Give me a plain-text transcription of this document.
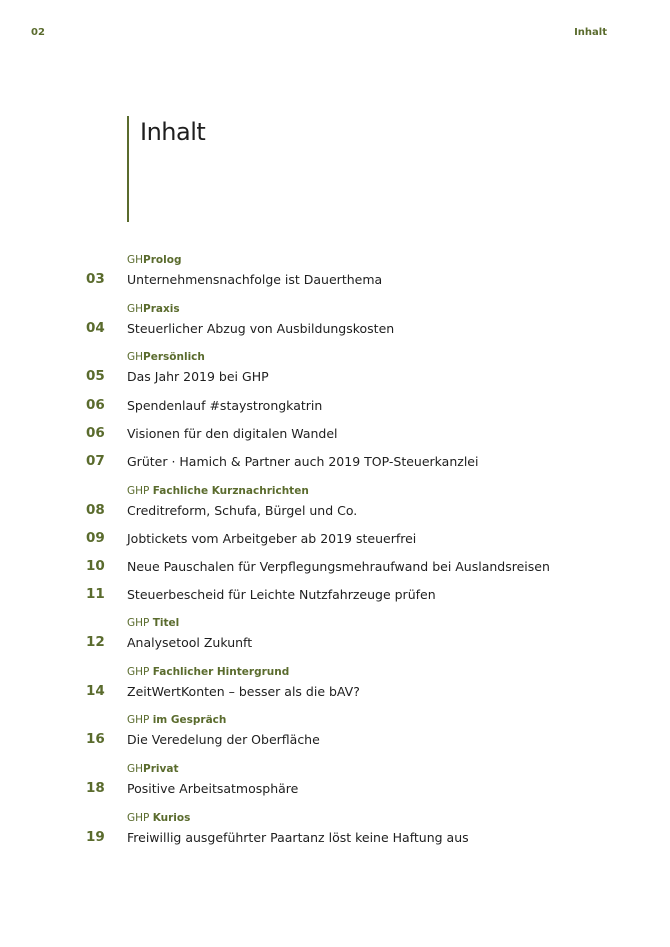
02	Inhalt
Inhalt
GHProlog
03 Unternehmensnachfolge ist Dauerthema
GHPraxis
04 Steuerlicher Abzug von Ausbildungskosten
GHPersönlich
05 Das Jahr 2019 bei GHP
06 Spendenlauf #staystrongkatrin
06 Visionen für den digitalen Wandel
07 Grüter · Hamich & Partner auch 2019 TOP-Steuerkanzlei
GHP Fachliche Kurznachrichten
08 Creditreform, Schufa, Bürgel und Co.
09 Jobtickets vom Arbeitgeber ab 2019 steuerfrei
10 Neue Pauschalen für Verpflegungsmehraufwand bei Auslandsreisen
11 Steuerbescheid für Leichte Nutzfahrzeuge prüfen
GHP Titel
12 Analysetool Zukunft
GHP Fachlicher Hintergrund
14 ZeitWertKonten – besser als die bAV?
GHP im Gespräch
16 Die Veredelung der Oberfläche
GHPrivat
18 Positive Arbeitsatmosphäre
GHP Kurios
19 Freiwillig ausgeführter Paartanz löst keine Haftung aus
